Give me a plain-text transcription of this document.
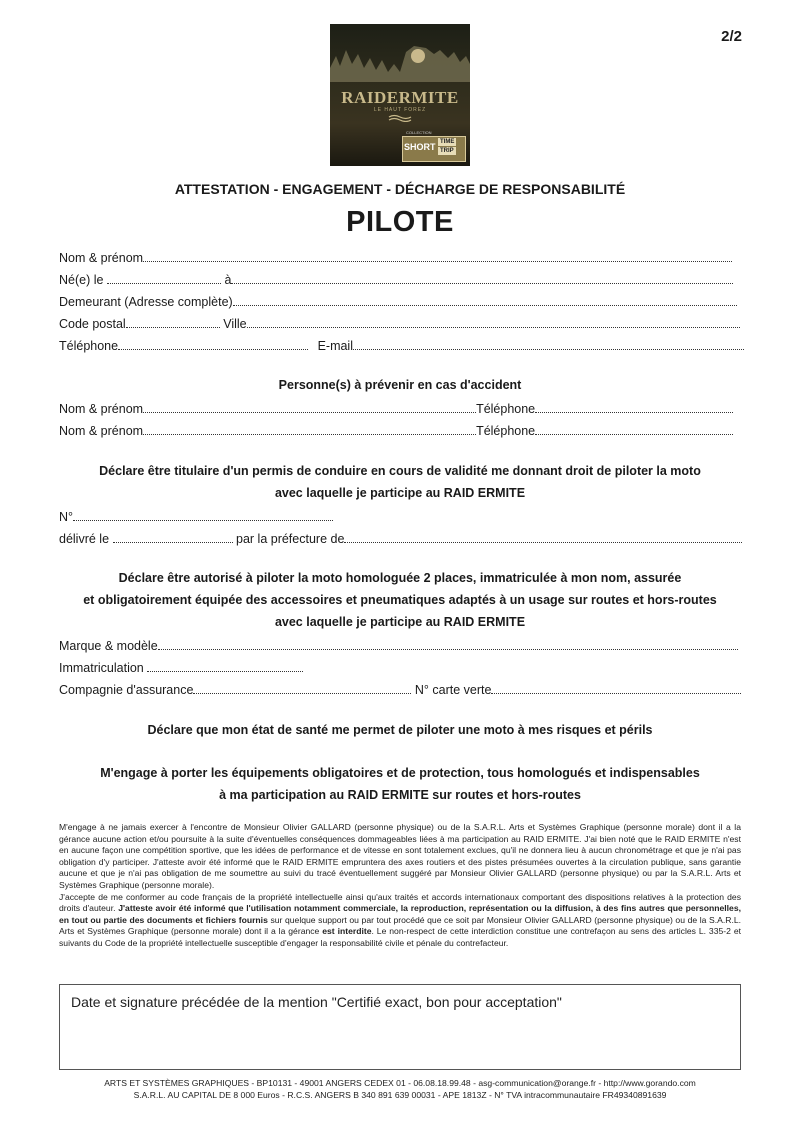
2/2
RAIDERMITE
LE HAUT FOREZ
COLLECTION
SHORT TIME
TRIP
ATTESTATION - ENGAGEMENT - DÉCHARGE DE RESPONSABILITÉ
PILOTE
Nom & prénom
Né(e) le	à
Demeurant (Adresse complète)
Code postal	Ville
Téléphone	E-mail
Personne(s) à prévenir en cas d'accident
Nom & prénom	Téléphone
Nom & prénom	Téléphone
Déclare être titulaire d'un permis de conduire en cours de validité me donnant droit de piloter la moto
avec laquelle je participe au RAID ERMITE
N°
délivré le	par la préfecture de
Déclare être autorisé à piloter la moto homologuée 2 places, immatriculée à mon nom, assurée
et obligatoirement équipée des accessoires et pneumatiques adaptés à un usage sur routes et hors-routes
avec laquelle je participe au RAID ERMITE
Marque & modèle
Immatriculation
Compagnie d'assurance	N° carte verte
Déclare que mon état de santé me permet de piloter une moto à mes risques et périls
M'engage à porter les équipements obligatoires et de protection, tous homologués et indispensables
à ma participation au RAID ERMITE sur routes et hors-routes

M'engage à ne jamais exercer à l'encontre de Monsieur Olivier GALLARD (personne physique) ou de la S.A.R.L. Arts et Systèmes Graphique (personne morale) dont il a la gérance aucune action et/ou poursuite à la suite d'éventuelles conséquences dommageables liées à ma participation au RAID ERMITE. J'ai bien noté que le RAID ERMITE n'est en aucune façon une compétition sportive, que les idées de performance et de vitesse en sont totalement exclues, qu'il ne donnera lieu à aucun chronométrage et que je n'ai pas obligation d'y participer. J'atteste avoir été informé que le RAID ERMITE empruntera des axes routiers et des pistes présumées ouvertes à la circulation publique, sans garantie aucune et que je n'ai pas obligation de me soumettre au suivi du tracé éventuellement suggéré par Monsieur Olivier GALLARD (personne physique) ou par la S.A.R.L. Arts et Systèmes Graphique (personne morale).

J'accepte de me conformer au code français de la propriété intellectuelle ainsi qu'aux traités et accords internationaux comportant des dispositions relatives à la protection des droits d'auteur. J'atteste avoir été informé que l'utilisation notamment commerciale, la reproduction, représentation ou la diffusion, à des fins autres que personnelles, en tout ou partie des documents et fichiers fournis sur quelque support ou par tout procédé que ce soit par Monsieur Olivier GALLARD (personne physique) ou de la S.A.R.L. Arts et Systèmes Graphique (personne morale) dont il a la gérance est interdite. Le non-respect de cette interdiction constitue une contrefaçon au sens des articles L. 335-2 et suivants du Code de la propriété intellectuelle susceptible d'engager la responsabilité civile et pénale du contrefacteur.

Date et signature précédée de la mention "Certifié exact, bon pour acceptation"
ARTS ET SYSTÈMES GRAPHIQUES - BP10131 - 49001 ANGERS CEDEX 01 - 06.08.18.99.48 - asg-communication@orange.fr - http://www.gorando.com
S.A.R.L. AU CAPITAL DE 8 000 Euros - R.C.S. ANGERS B 340 891 639 00031 - APE 1813Z - N° TVA intracommunautaire FR49340891639
